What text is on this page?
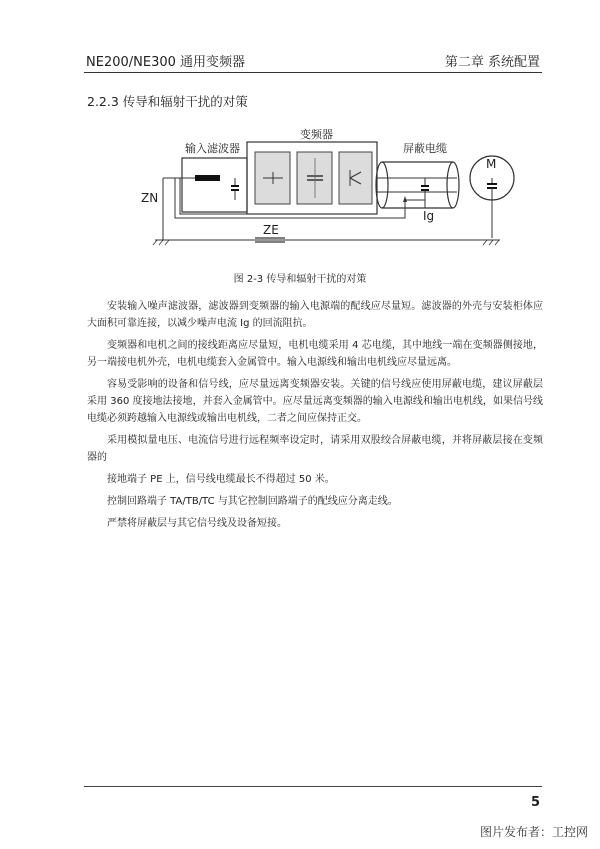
NE200/NE300 通用变频器	第二章 系统配置
2.2.3 传导和辐射干扰的对策
输入滤波器
变频器
屏蔽电缆
M
Ig
ZN
ZE
图 2-3 传导和辐射干扰的对策

安装输入噪声滤波器，滤波器到变频器的输入电源端的配线应尽量短。滤波器的外壳与安装柜体应大面积可靠连接，以减少噪声电流 Ig 的回流阻抗。

变频器和电机之间的接线距离应尽量短，电机电缆采用 4 芯电缆，其中地线一端在变频器侧接地，另一端接电机外壳，电机电缆套入金属管中。输入电源线和输出电机线应尽量远离。

容易受影响的设备和信号线，应尽量远离变频器安装。关键的信号线应使用屏蔽电缆，建议屏蔽层采用 360 度接地法接地，并套入金属管中。应尽量远离变频器的输入电源线和输出电机线，如果信号线电缆必须跨越输入电源线或输出电机线，二者之间应保持正交。

采用模拟量电压、电流信号进行远程频率设定时，请采用双股绞合屏蔽电缆，并将屏蔽层接在变频器的

接地端子 PE 上，信号线电缆最长不得超过 50 米。

控制回路端子 TA/TB/TC 与其它控制回路端子的配线应分离走线。

严禁将屏蔽层与其它信号线及设备短接。

5
图片发布者：工控网
